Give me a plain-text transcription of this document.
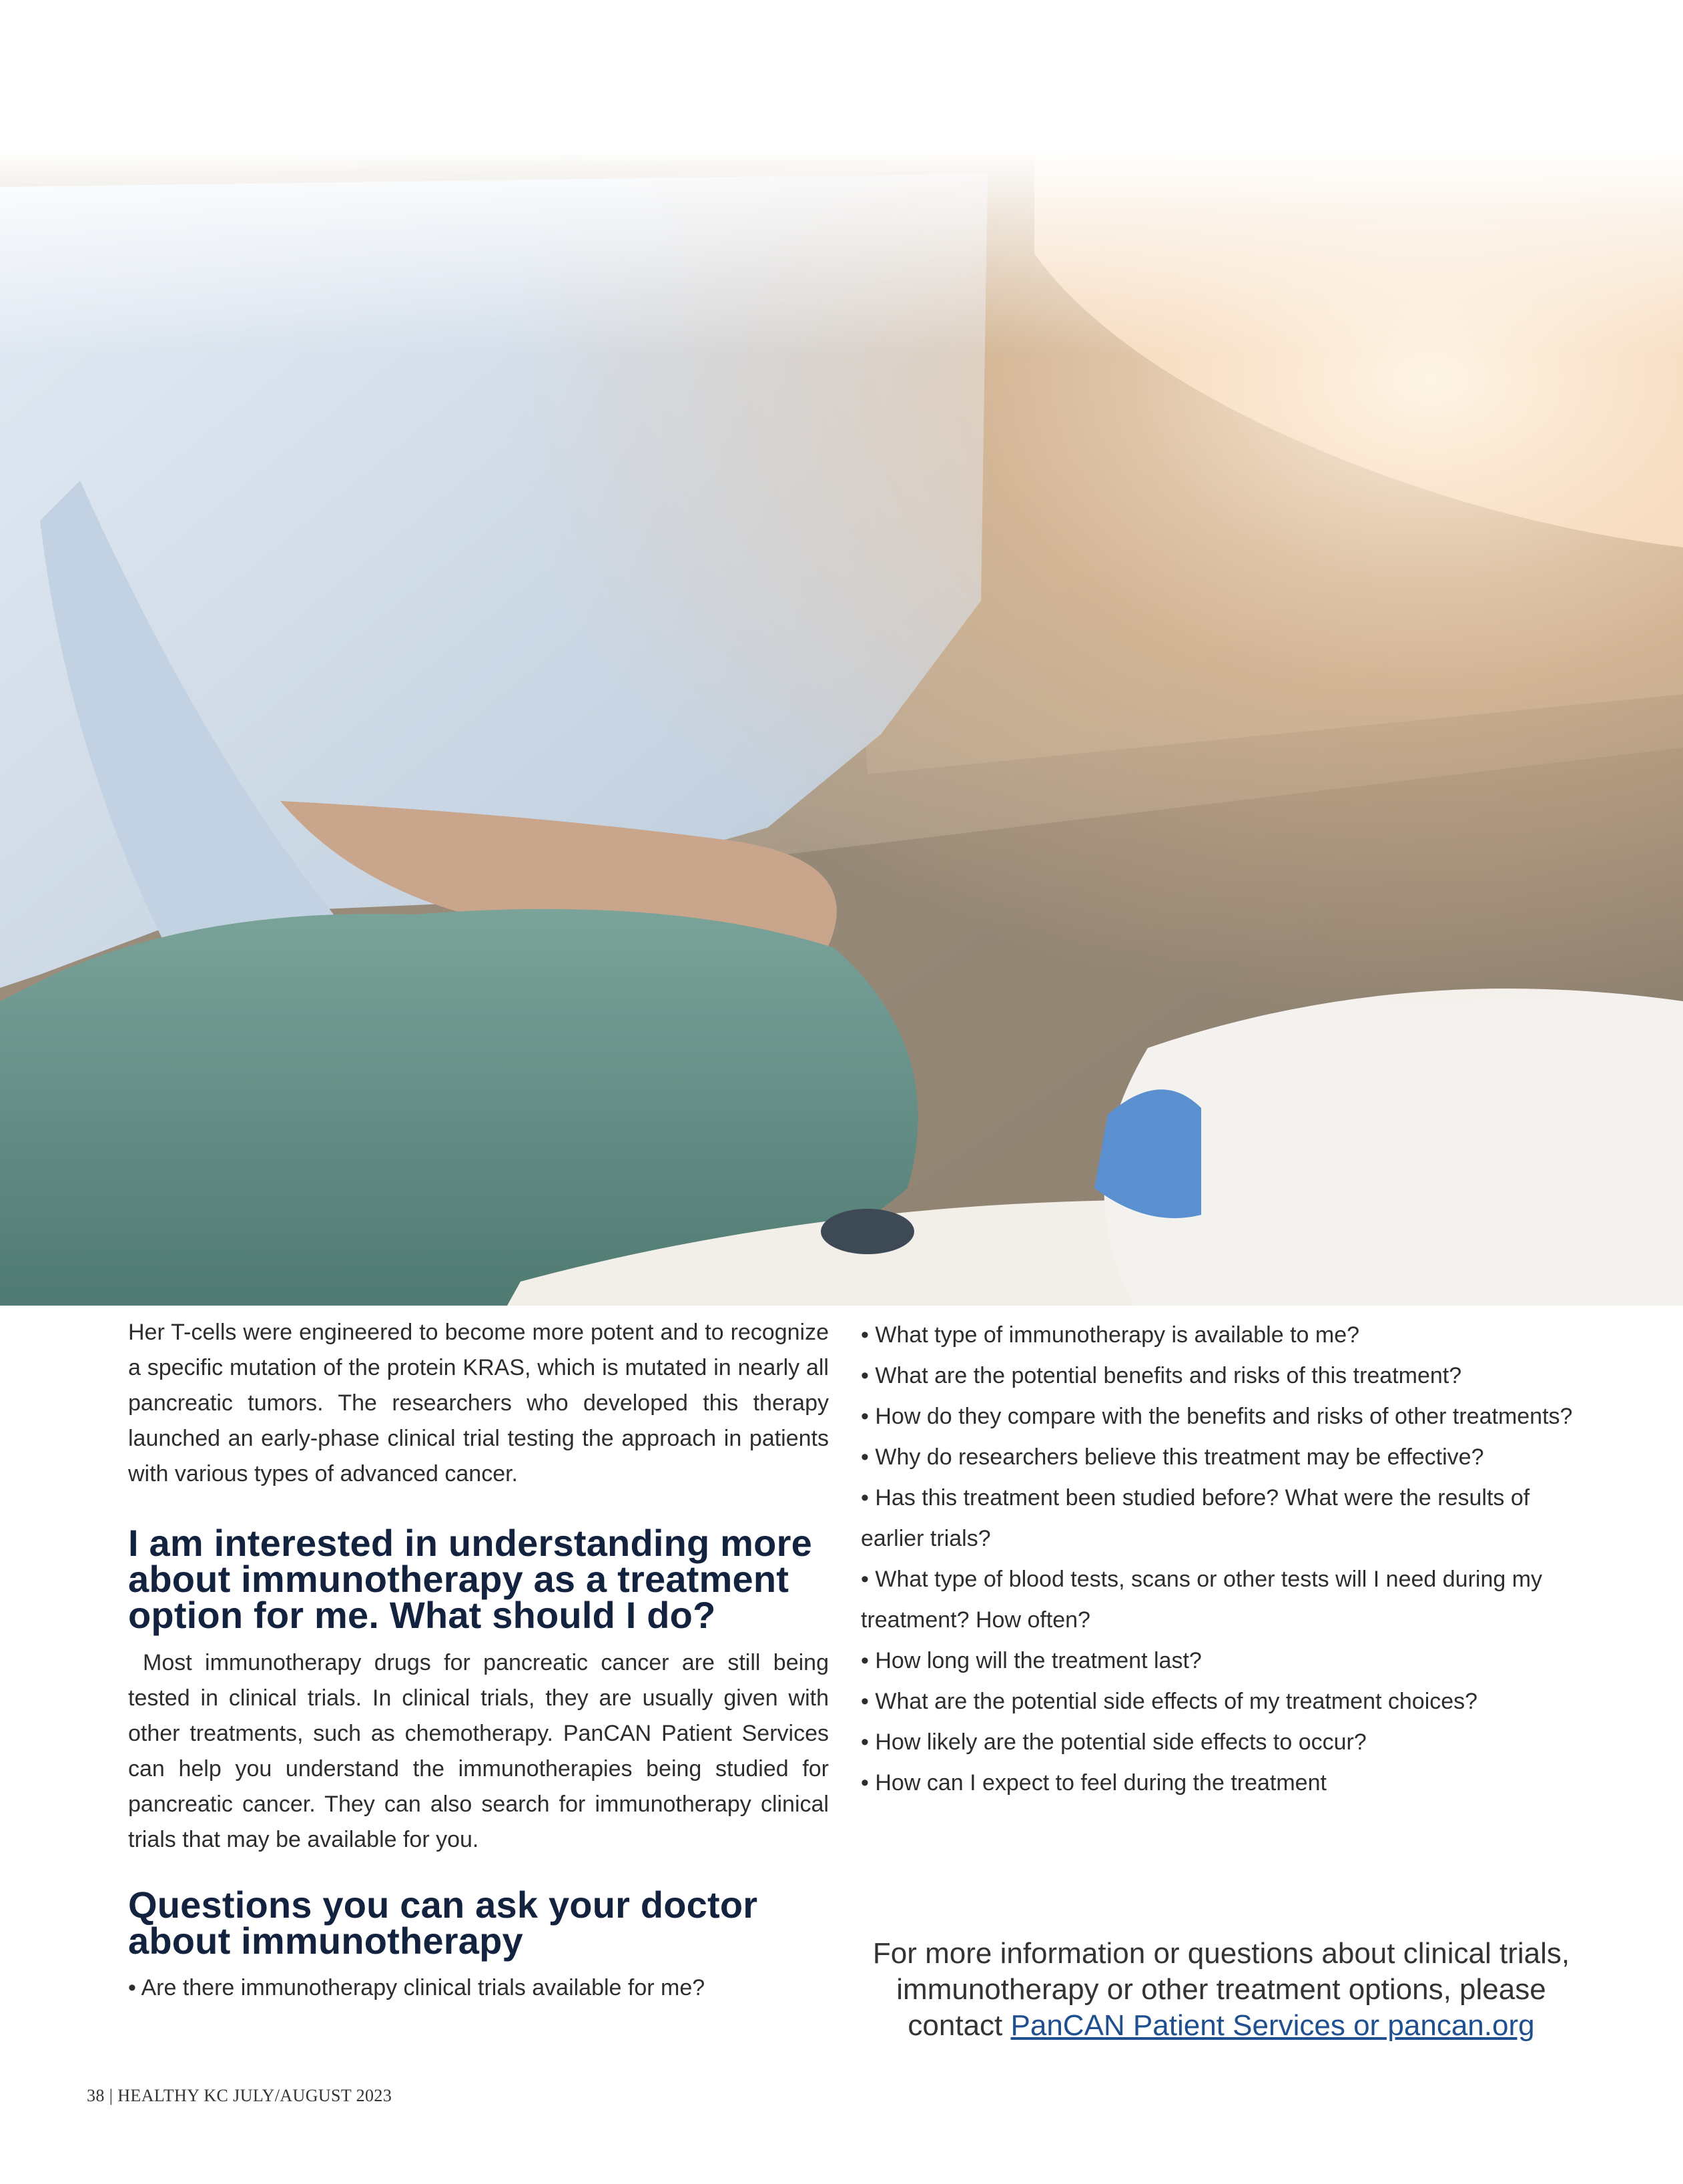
Her T-cells were engineered to become more potent and to recognize a specific mutation of the protein KRAS, which is mutated in nearly all pancreatic tumors. The researchers who developed this therapy launched an early-phase clinical trial testing the approach in patients with various types of advanced cancer.

I am interested in understanding more about immunotherapy as a treatment option for me. What should I do?

Most immunotherapy drugs for pancreatic cancer are still being tested in clinical trials. In clinical trials, they are usually given with other treatments, such as chemotherapy. PanCAN Patient Services can help you understand the immunotherapies being studied for pancreatic cancer. They can also search for immunotherapy clinical trials that may be available for you.

Questions you can ask your doctor about immunotherapy

• Are there immunotherapy clinical trials available for me?

• What type of immunotherapy is available to me?
• What are the potential benefits and risks of this treatment?
• How do they compare with the benefits and risks of other treatments?
• Why do researchers believe this treatment may be effective?
• Has this treatment been studied before? What were the results of earlier trials?
• What type of blood tests, scans or other tests will I need during my treatment? How often?
• How long will the treatment last?
• What are the potential side effects of my treatment choices?
• How likely are the potential side effects to occur?
• How can I expect to feel during the treatment
For more information or questions about clinical trials, immunotherapy or other treatment options, please contact PanCAN Patient Services or pancan.org
38 | HEALTHY KC JULY/AUGUST 2023
